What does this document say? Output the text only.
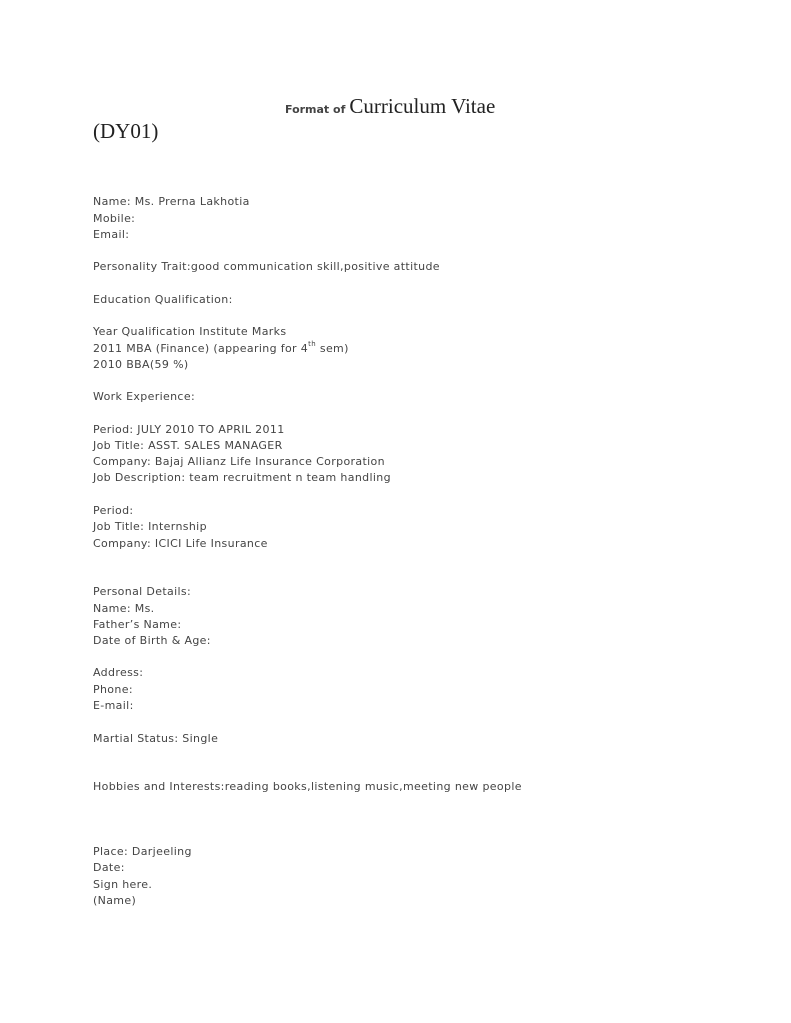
Format of Curriculum Vitae
(DY01)
Name: Ms. Prerna Lakhotia
Mobile:
Email:
Personality Trait:good communication skill,positive attitude
Education Qualification:
Year Qualification Institute Marks
2011 MBA (Finance) (appearing for 4th sem)
2010 BBA(59 %)
Work Experience:
Period: JULY 2010 TO APRIL 2011
Job Title: ASST. SALES MANAGER
Company: Bajaj Allianz Life Insurance Corporation
Job Description: team recruitment n team handling
Period:
Job Title: Internship
Company: ICICI Life Insurance
Personal Details:
Name: Ms.
Father’s Name:
Date of Birth & Age:
Address:
Phone:
E-mail:
Martial Status: Single
Hobbies and Interests:reading books,listening music,meeting new people
Place: Darjeeling
Date:
Sign here.
(Name)
